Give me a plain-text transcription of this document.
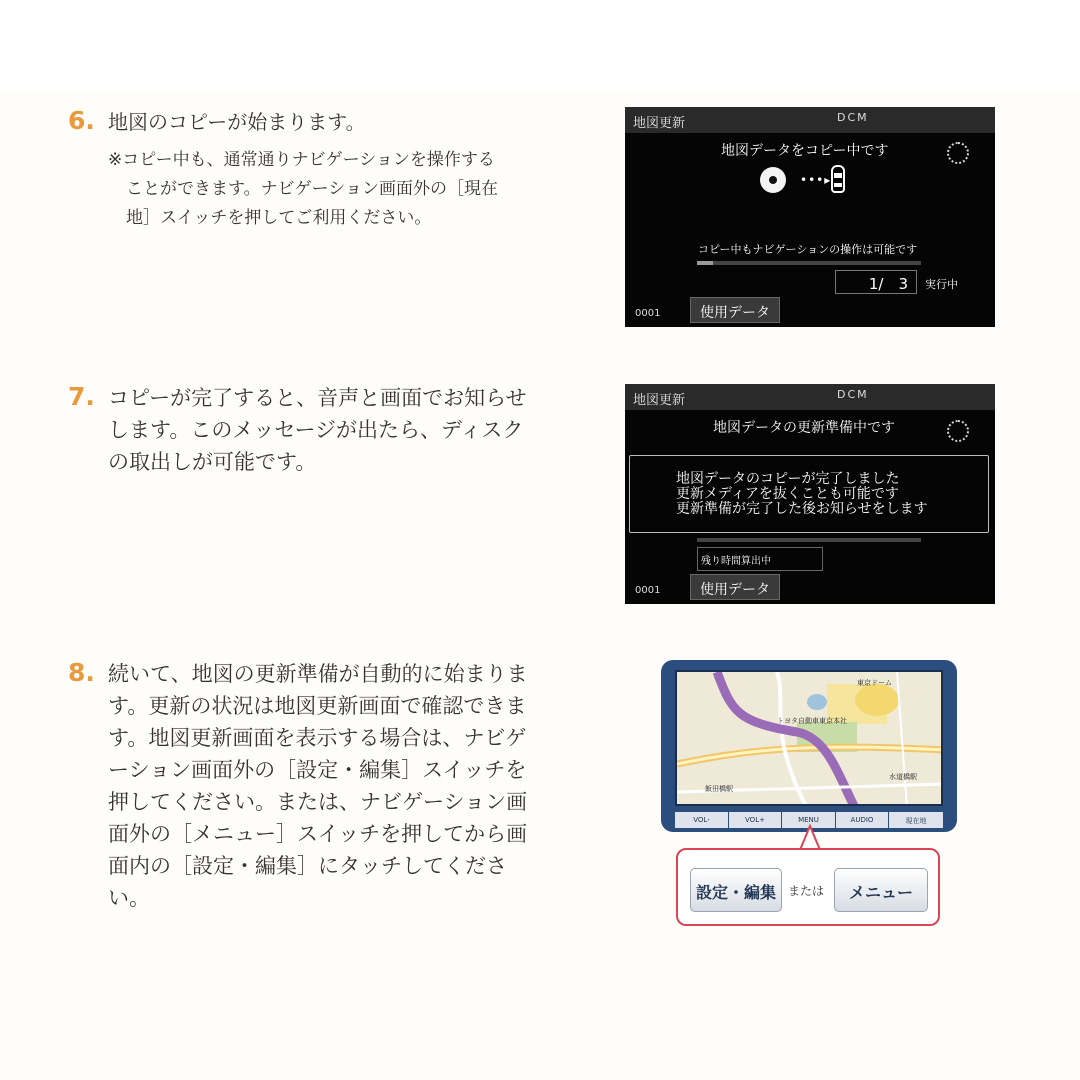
6. 地図のコピーが始まります。
※コピー中も、通常通りナビゲーションを操作する
ことができます。ナビゲーション画面外の［現在
地］スイッチを押してご利用ください。
地図更新	DCM
地図データをコピー中です
•••▸
コピー中もナビゲーションの操作は可能です
1/　3	実行中
0001	使用データ
7. コピーが完了すると、音声と画面でお知らせ
します。このメッセージが出たら、ディスク
の取出しが可能です。
地図更新	DCM
地図データの更新準備中です

地図データのコピーが完了しました

更新メディアを抜くことも可能です

更新準備が完了した後お知らせをします

残り時間算出中
0001	使用データ
8. 続いて、地図の更新準備が自動的に始まりま
す。更新の状況は地図更新画面で確認できま
す。地図更新画面を表示する場合は、ナビゲ
ーション画面外の［設定・編集］スイッチを
押してください。または、ナビゲーション画
面外の［メニュー］スイッチを押してから画
面内の［設定・編集］にタッチしてくださ
い。
東京ドーム
トヨタ自動車東京本社
水道橋駅
飯田橋駅
VOL-	VOL+	MENU	AUDIO	現在地
設定・編集	または	メニュー
